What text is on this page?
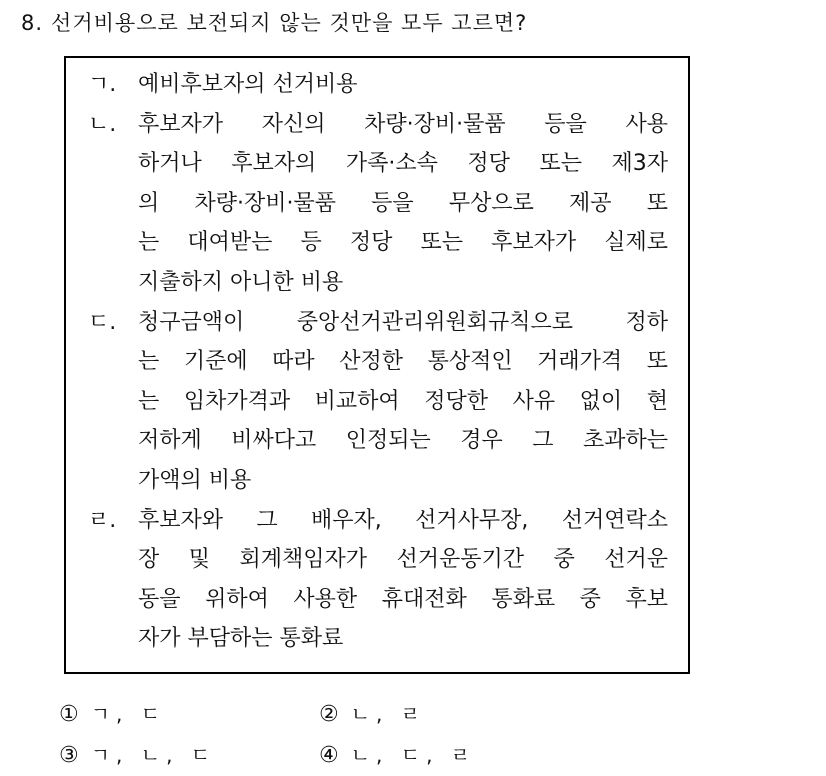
8. 선거비용으로 보전되지 않는 것만을 모두 고르면?
ㄱ. 예비후보자의 선거비용
ㄴ. 후보자가 자신의 차량·장비·물품 등을 사용
하거나 후보자의 가족·소속 정당 또는 제3자
의 차량·장비·물품 등을 무상으로 제공 또
는 대여받는 등 정당 또는 후보자가 실제로
지출하지 아니한 비용
ㄷ. 청구금액이 중앙선거관리위원회규칙으로 정하
는 기준에 따라 산정한 통상적인 거래가격 또
는 임차가격과 비교하여 정당한 사유 없이 현
저하게 비싸다고 인정되는 경우 그 초과하는
가액의 비용
ㄹ. 후보자와 그 배우자, 선거사무장, 선거연락소
장 및 회계책임자가 선거운동기간 중 선거운
동을 위하여 사용한 휴대전화 통화료 중 후보
자가 부담하는 통화료
① ㄱ, ㄷ	② ㄴ, ㄹ
③ ㄱ, ㄴ, ㄷ	④ ㄴ, ㄷ, ㄹ
